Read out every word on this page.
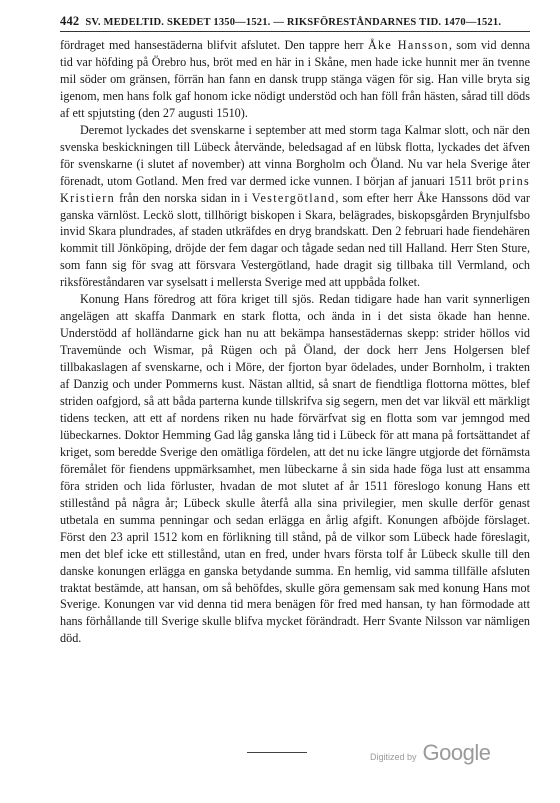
442 SV. MEDELTID. SKEDET 1350—1521. — RIKSFÖRESTÅNDARNES TID. 1470—1521.

fördraget med hansestäderna blifvit afslutet. Den tappre herr Åke Hansson, som vid denna tid var höfding på Örebro hus, bröt med en här in i Skåne, men hade icke hunnit mer än tvenne mil söder om gränsen, förrän han fann en dansk trupp stänga vägen för sig. Han ville bryta sig igenom, men hans folk gaf honom icke nödigt understöd och han föll från hästen, sårad till döds af ett spjutsting (den 27 augusti 1510).

Deremot lyckades det svenskarne i september att med storm taga Kalmar slott, och när den svenska beskickningen till Lübeck återvände, beledsagad af en lübsk flotta, lyckades det äfven för svenskarne (i slutet af november) att vinna Borgholm och Öland. Nu var hela Sverige åter förenadt, utom Gotland. Men fred var dermed icke vunnen. I början af januari 1511 bröt prins Kristiern från den norska sidan in i Vestergötland, som efter herr Åke Hanssons död var ganska värnlöst. Leckö slott, tillhörigt biskopen i Skara, belägrades, biskopsgården Brynjulfsbo invid Skara plundrades, af staden utkräfdes en dryg brandskatt. Den 2 februari hade fiendehären kommit till Jönköping, dröjde der fem dagar och tågade sedan ned till Halland. Herr Sten Sture, som fann sig för svag att försvara Vestergötland, hade dragit sig tillbaka till Vermland, och riksföreståndaren var syselsatt i mellersta Sverige med att uppbåda folket.

Konung Hans föredrog att föra kriget till sjös. Redan tidigare hade han varit synnerligen angelägen att skaffa Danmark en stark flotta, och ända in i det sista ökade han henne. Understödd af holländarne gick han nu att bekämpa hansestädernas skepp: strider höllos vid Travemünde och Wismar, på Rügen och på Öland, der dock herr Jens Holgersen blef tillbakaslagen af svenskarne, och i Möre, der fjorton byar ödelades, under Bornholm, i trakten af Danzig och under Pommerns kust. Nästan alltid, så snart de fiendtliga flottorna möttes, blef striden oafgjord, så att båda parterna kunde tillskrifva sig segern, men det var likväl ett märkligt tidens tecken, att ett af nordens riken nu hade förvärfvat sig en flotta som var jemngod med lübeckarnes. Doktor Hemming Gad låg ganska lång tid i Lübeck för att mana på fortsättandet af kriget, som beredde Sverige den omätliga fördelen, att det nu icke längre utgjorde det förnämsta föremålet för fiendens uppmärksamhet, men lübeckarne å sin sida hade föga lust att ensamma föra striden och lida förluster, hvadan de mot slutet af år 1511 föreslogo konung Hans ett stillestånd på några år; Lübeck skulle återfå alla sina privilegier, men skulle derför genast utbetala en summa penningar och sedan erlägga en årlig afgift. Konungen afböjde förslaget. Först den 23 april 1512 kom en förlikning till stånd, på de vilkor som Lübeck hade föreslagit, men det blef icke ett stillestånd, utan en fred, under hvars första tolf år Lübeck skulle till den danske konungen erlägga en ganska betydande summa. En hemlig, vid samma tillfälle afsluten traktat bestämde, att hansan, om så behöfdes, skulle göra gemensam sak med konung Hans mot Sverige. Konungen var vid denna tid mera benägen för fred med hansan, ty han förmodade att hans förhållande till Sverige skulle blifva mycket förändradt. Herr Svante Nilsson var nämligen död.

Digitized by Google
